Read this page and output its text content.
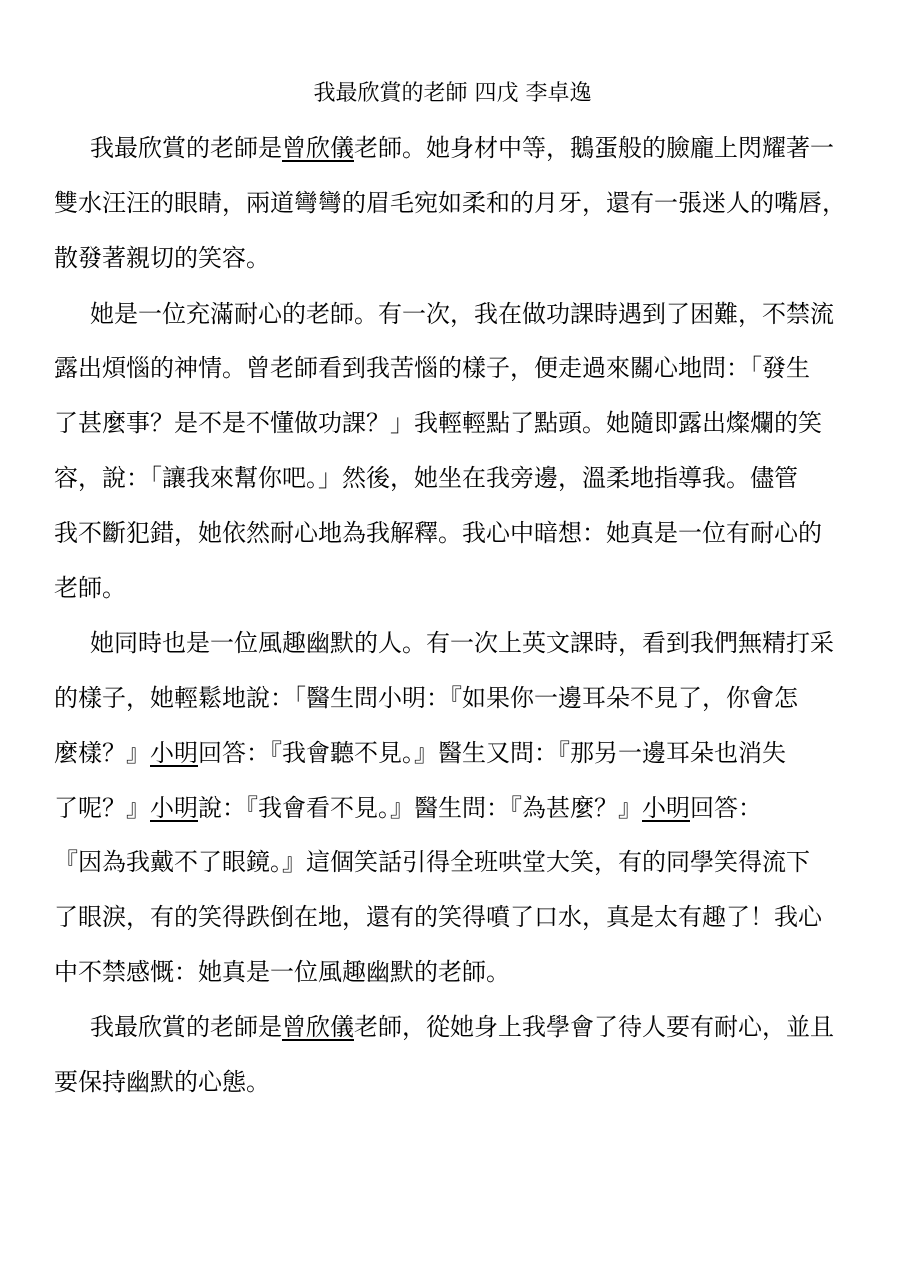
我最欣賞的老師 四戊 李卓逸
我最欣賞的老師是曾欣儀老師。她身材中等，鵝蛋般的臉龐上閃耀著一
雙水汪汪的眼睛，兩道彎彎的眉毛宛如柔和的月牙，還有一張迷人的嘴唇，
散發著親切的笑容。
她是一位充滿耐心的老師。有一次，我在做功課時遇到了困難，不禁流
露出煩惱的神情。曾老師看到我苦惱的樣子，便走過來關心地問：「發生
了甚麼事？是不是不懂做功課？」我輕輕點了點頭。她隨即露出燦爛的笑
容，說：「讓我來幫你吧。」然後，她坐在我旁邊，溫柔地指導我。儘管
我不斷犯錯，她依然耐心地為我解釋。我心中暗想：她真是一位有耐心的
老師。
她同時也是一位風趣幽默的人。有一次上英文課時，看到我們無精打采
的樣子，她輕鬆地說：「醫生問小明：『如果你一邊耳朵不見了，你會怎
麼樣？』小明回答：『我會聽不見。』醫生又問：『那另一邊耳朵也消失
了呢？』小明說：『我會看不見。』醫生問：『為甚麼？』小明回答：
『因為我戴不了眼鏡。』這個笑話引得全班哄堂大笑，有的同學笑得流下
了眼淚，有的笑得跌倒在地，還有的笑得噴了口水，真是太有趣了！我心
中不禁感慨：她真是一位風趣幽默的老師。
我最欣賞的老師是曾欣儀老師，從她身上我學會了待人要有耐心，並且
要保持幽默的心態。
